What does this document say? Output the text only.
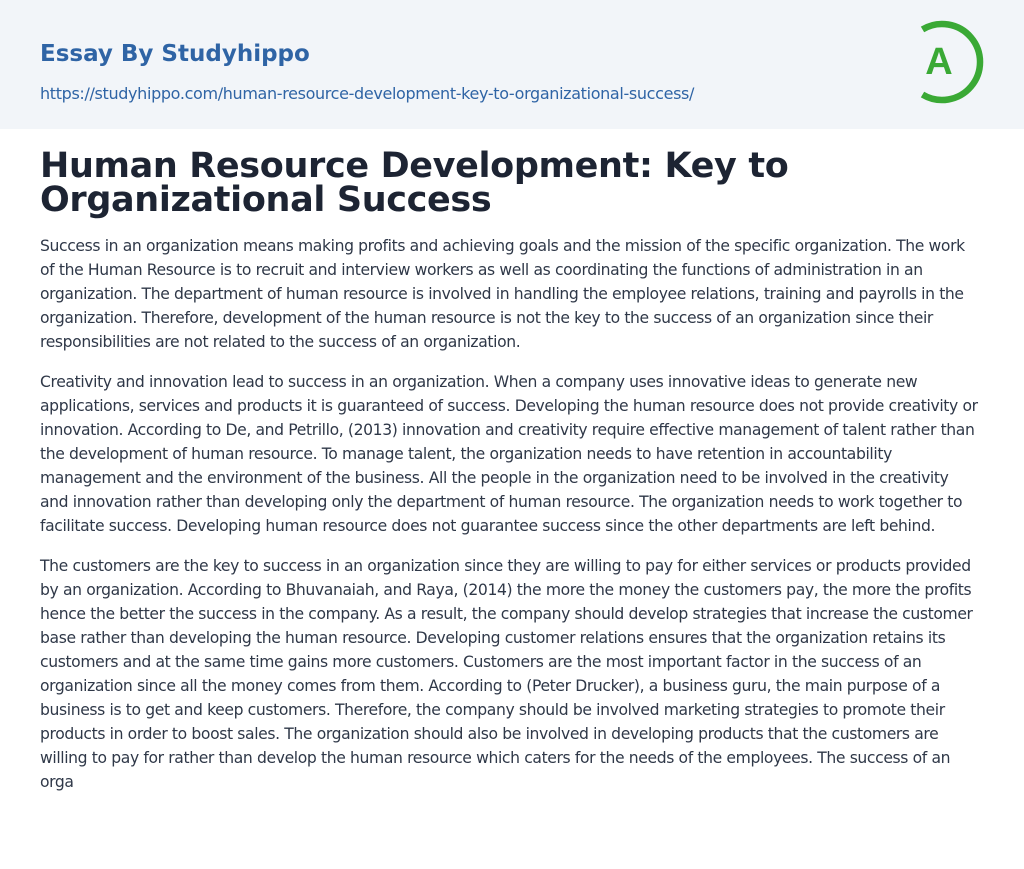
Essay By Studyhippo
https://studyhippo.com/human-resource-development-key-to-organizational-success/
A
Human Resource Development: Key to Organizational Success

Success in an organization means making profits and achieving goals and the mission of the specific organization. The work of the Human Resource is to recruit and interview workers as well as coordinating the functions of administration in an organization. The department of human resource is involved in handling the employee relations, training and payrolls in the organization. Therefore, development of the human resource is not the key to the success of an organization since their responsibilities are not related to the success of an organization.

Creativity and innovation lead to success in an organization. When a company uses innovative ideas to generate new applications, services and products it is guaranteed of success. Developing the human resource does not provide creativity or innovation. According to De, and Petrillo, (2013) innovation and creativity require effective management of talent rather than the development of human resource. To manage talent, the organization needs to have retention in accountability management and the environment of the business. All the people in the organization need to be involved in the creativity and innovation rather than developing only the department of human resource. The organization needs to work together to facilitate success. Developing human resource does not guarantee success since the other departments are left behind.

The customers are the key to success in an organization since they are willing to pay for either services or products provided by an organization. According to Bhuvanaiah, and Raya, (2014) the more the money the customers pay, the more the profits hence the better the success in the company. As a result, the company should develop strategies that increase the customer base rather than developing the human resource. Developing customer relations ensures that the organization retains its customers and at the same time gains more customers. Customers are the most important factor in the success of an organization since all the money comes from them. According to (Peter Drucker), a business guru, the main purpose of a business is to get and keep customers. Therefore, the company should be involved marketing strategies to promote their products in order to boost sales. The organization should also be involved in developing products that the customers are willing to pay for rather than develop the human resource which caters for the needs of the employees. The success of an orga
